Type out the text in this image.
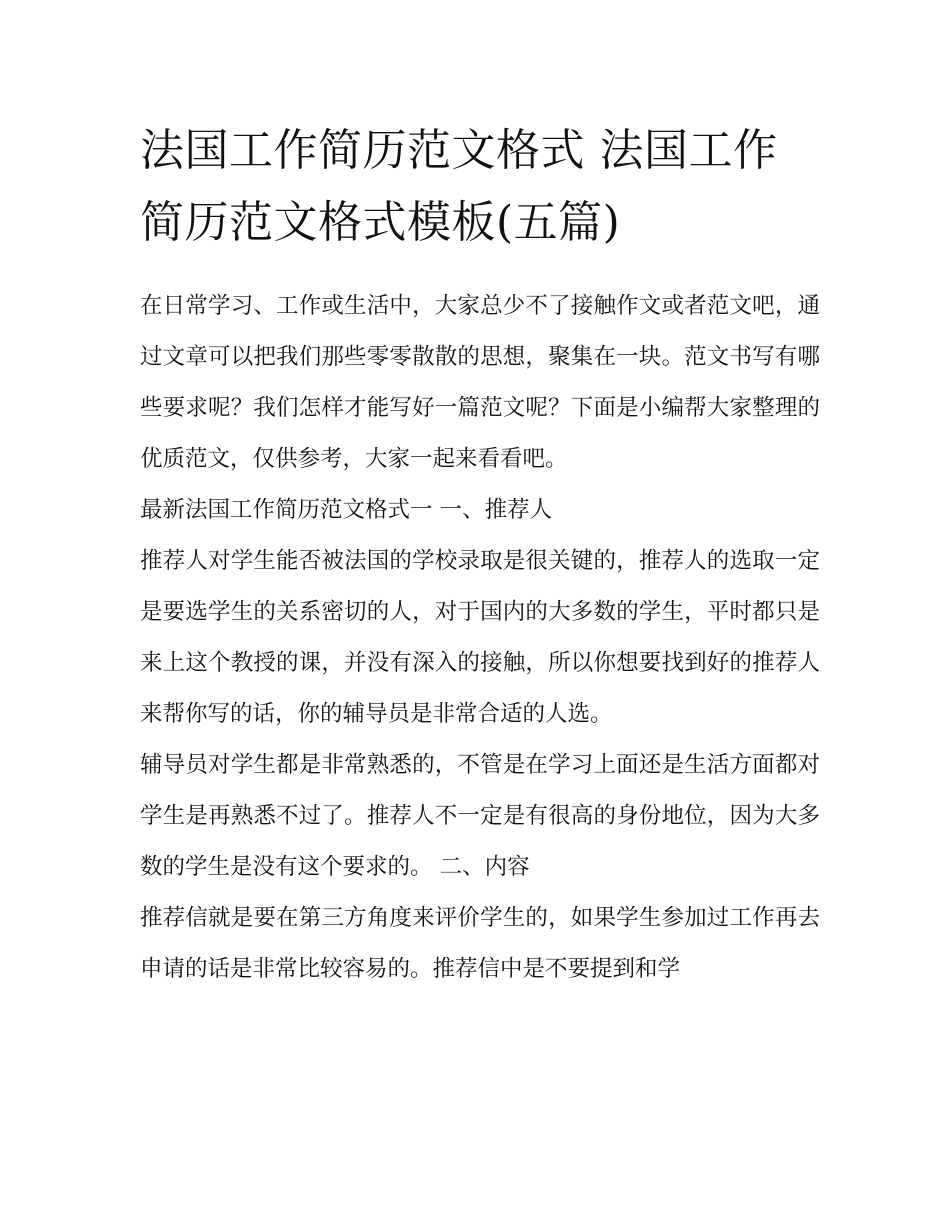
法国工作简历范文格式 法国工作简历范文格式模板(五篇)

在日常学习、工作或生活中，大家总少不了接触作文或者范文吧，通过文章可以把我们那些零零散散的思想，聚集在一块。范文书写有哪些要求呢？我们怎样才能写好一篇范文呢？下面是小编帮大家整理的优质范文，仅供参考，大家一起来看看吧。

最新法国工作简历范文格式一 一、推荐人

推荐人对学生能否被法国的学校录取是很关键的，推荐人的选取一定是要选学生的关系密切的人，对于国内的大多数的学生，平时都只是来上这个教授的课，并没有深入的接触，所以你想要找到好的推荐人来帮你写的话，你的辅导员是非常合适的人选。

辅导员对学生都是非常熟悉的，不管是在学习上面还是生活方面都对学生是再熟悉不过了。推荐人不一定是有很高的身份地位，因为大多数的学生是没有这个要求的。 二、内容

推荐信就是要在第三方角度来评价学生的，如果学生参加过工作再去申请的话是非常比较容易的。推荐信中是不要提到和学
